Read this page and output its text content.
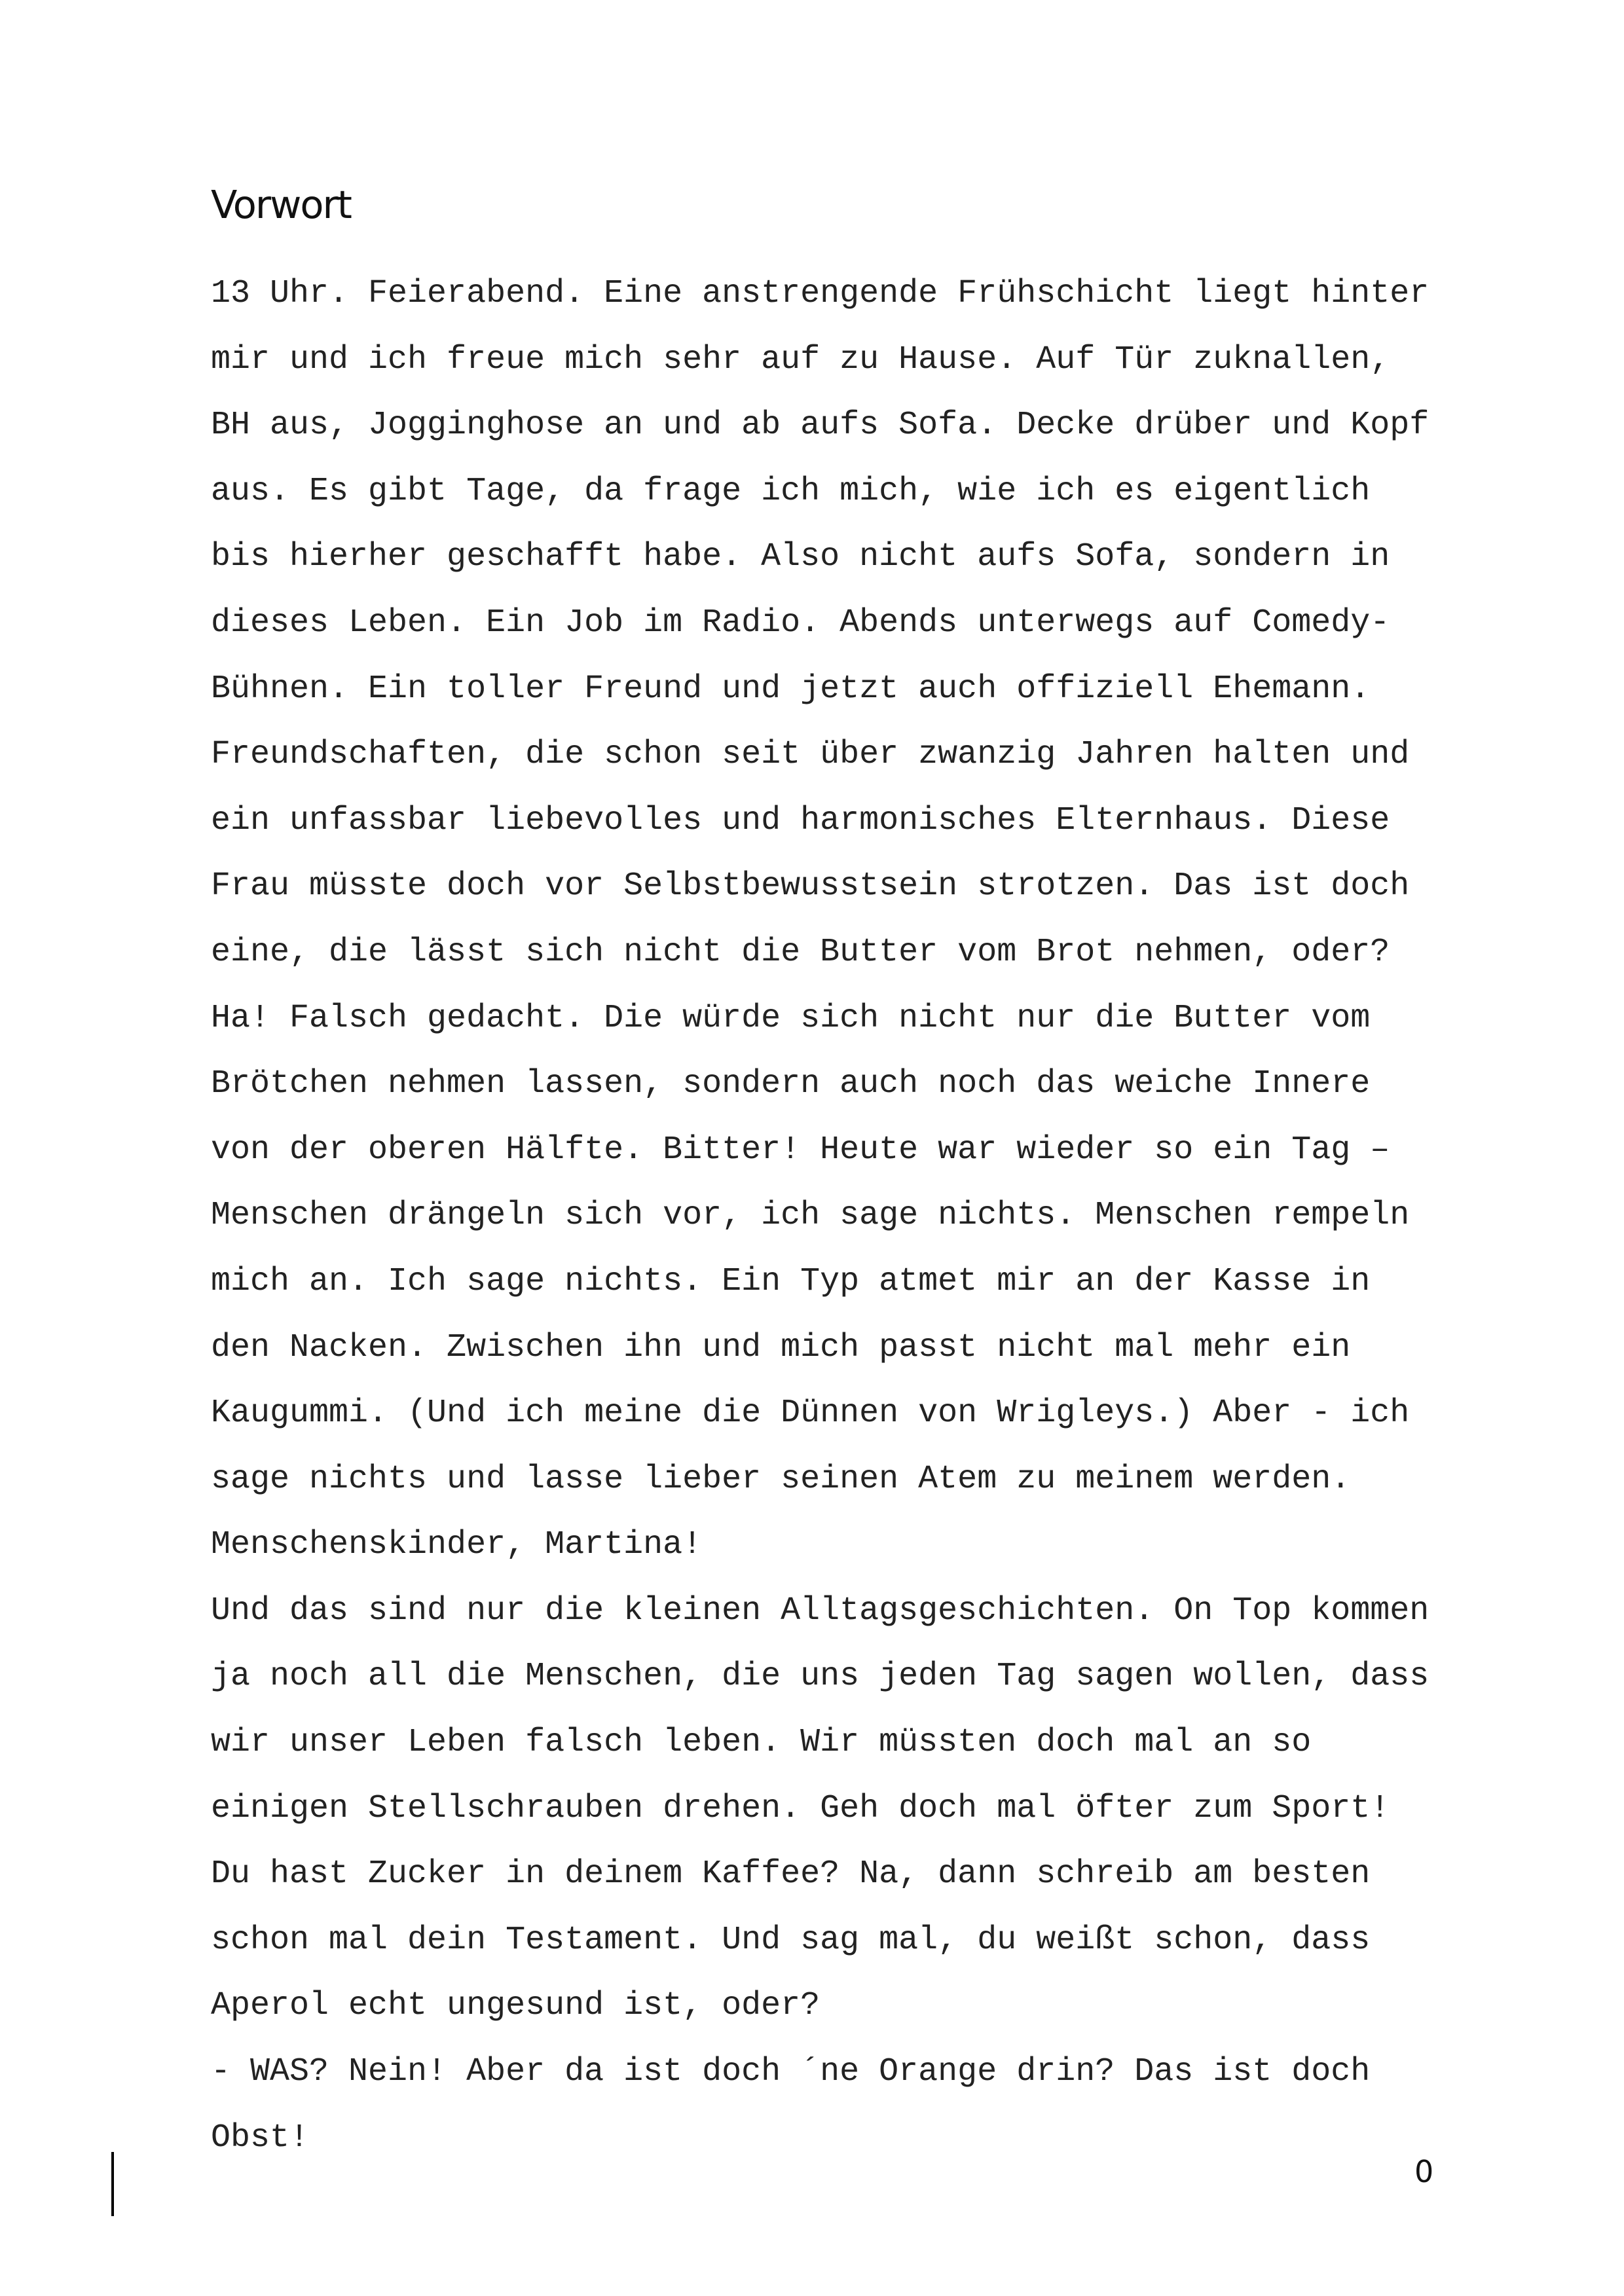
Vorwort
13 Uhr. Feierabend. Eine anstrengende Frühschicht liegt hinter
mir und ich freue mich sehr auf zu Hause. Auf Tür zuknallen,
BH aus, Jogginghose an und ab aufs Sofa. Decke drüber und Kopf
aus. Es gibt Tage, da frage ich mich, wie ich es eigentlich
bis hierher geschafft habe. Also nicht aufs Sofa, sondern in
dieses Leben. Ein Job im Radio. Abends unterwegs auf Comedy-
Bühnen. Ein toller Freund und jetzt auch offiziell Ehemann.
Freundschaften, die schon seit über zwanzig Jahren halten und
ein unfassbar liebevolles und harmonisches Elternhaus. Diese
Frau müsste doch vor Selbstbewusstsein strotzen. Das ist doch
eine, die lässt sich nicht die Butter vom Brot nehmen, oder?
Ha! Falsch gedacht. Die würde sich nicht nur die Butter vom
Brötchen nehmen lassen, sondern auch noch das weiche Innere
von der oberen Hälfte. Bitter! Heute war wieder so ein Tag –
Menschen drängeln sich vor, ich sage nichts. Menschen rempeln
mich an. Ich sage nichts. Ein Typ atmet mir an der Kasse in
den Nacken. Zwischen ihn und mich passt nicht mal mehr ein
Kaugummi. (Und ich meine die Dünnen von Wrigleys.) Aber - ich
sage nichts und lasse lieber seinen Atem zu meinem werden.
Menschenskinder, Martina!
Und das sind nur die kleinen Alltagsgeschichten. On Top kommen
ja noch all die Menschen, die uns jeden Tag sagen wollen, dass
wir unser Leben falsch leben. Wir müssten doch mal an so
einigen Stellschrauben drehen. Geh doch mal öfter zum Sport!
Du hast Zucker in deinem Kaffee? Na, dann schreib am besten
schon mal dein Testament. Und sag mal, du weißt schon, dass
Aperol echt ungesund ist, oder?
- WAS? Nein! Aber da ist doch ´ne Orange drin? Das ist doch
Obst!
0
